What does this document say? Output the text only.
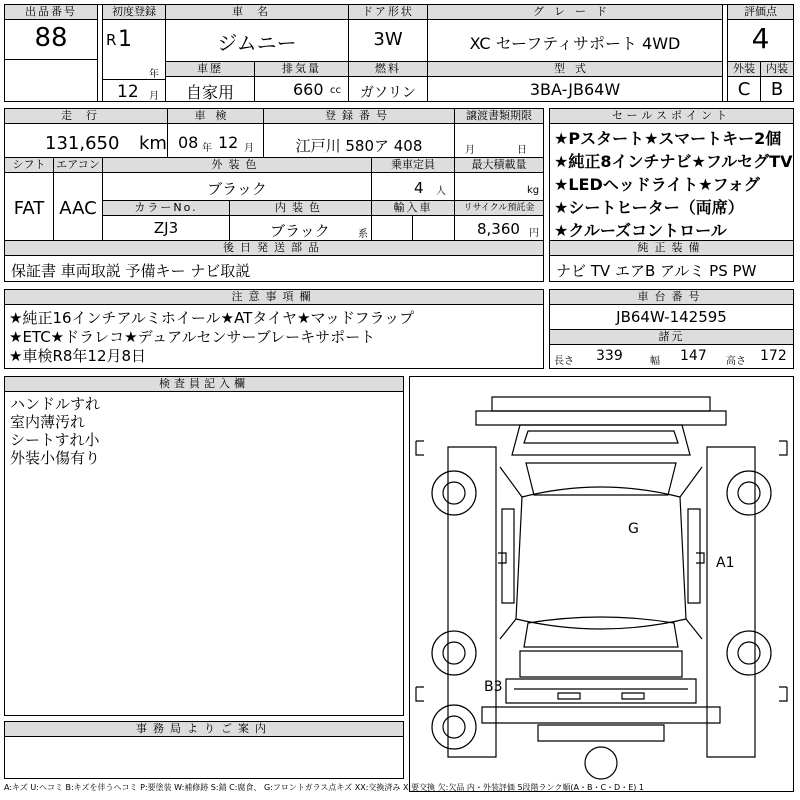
出品番号
88
初度登録
R 1
年
12 月
車名
ジムニー
ドア形状
3W
グレード
XC セーフティサポート 4WD
評価点
4
車歴
自家用
排気量
660 cc
燃料
ガソリン
型式
3BA-JB64W
外装
C
内装
B
走行
131,650 km
車検
08 年 12 月
登録番号
江戸川 580ア 408
譲渡書類期限
月	日
シフト
FAT
エアコン
AAC
外装色
ブラック
乗車定員
4 人
最大積載量
kg
カラーNo.
ZJ3
内装色
ブラック	系
輸入車	リサイクル預託金
8,360 円
後日発送部品
保証書 車両取説 予備キー ナビ取説
セールスポイント
★Pスタート★スマートキー2個
★純正8インチナビ★フルセグTV
★LEDヘッドライト★フォグ
★シートヒーター（両席）
★クルーズコントロール
純正装備
ナビ TV エアB アルミ PS PW
注意事項欄
★純正16インチアルミホイール★ATタイヤ★マッドフラップ
★ETC★ドラレコ★デュアルセンサーブレーキサポート
★車検R8年12月8日
車台番号
JB64W-142595
諸元
長さ 339	幅 147 高さ 172
検査員記入欄
ハンドルすれ
室内薄汚れ
シートすれ小
外装小傷有り
G
A1
B3
事務局よりご案内
A:キズ U:ヘコミ B:キズを伴うヘコミ P:要塗装 W:補修跡 S:錆 C:腐食、 G:フロントガラス点キズ XX:交換済み X:要交換 欠:欠品 内・外装評価 5段階ランク順(A・B・C・D・E) 1
